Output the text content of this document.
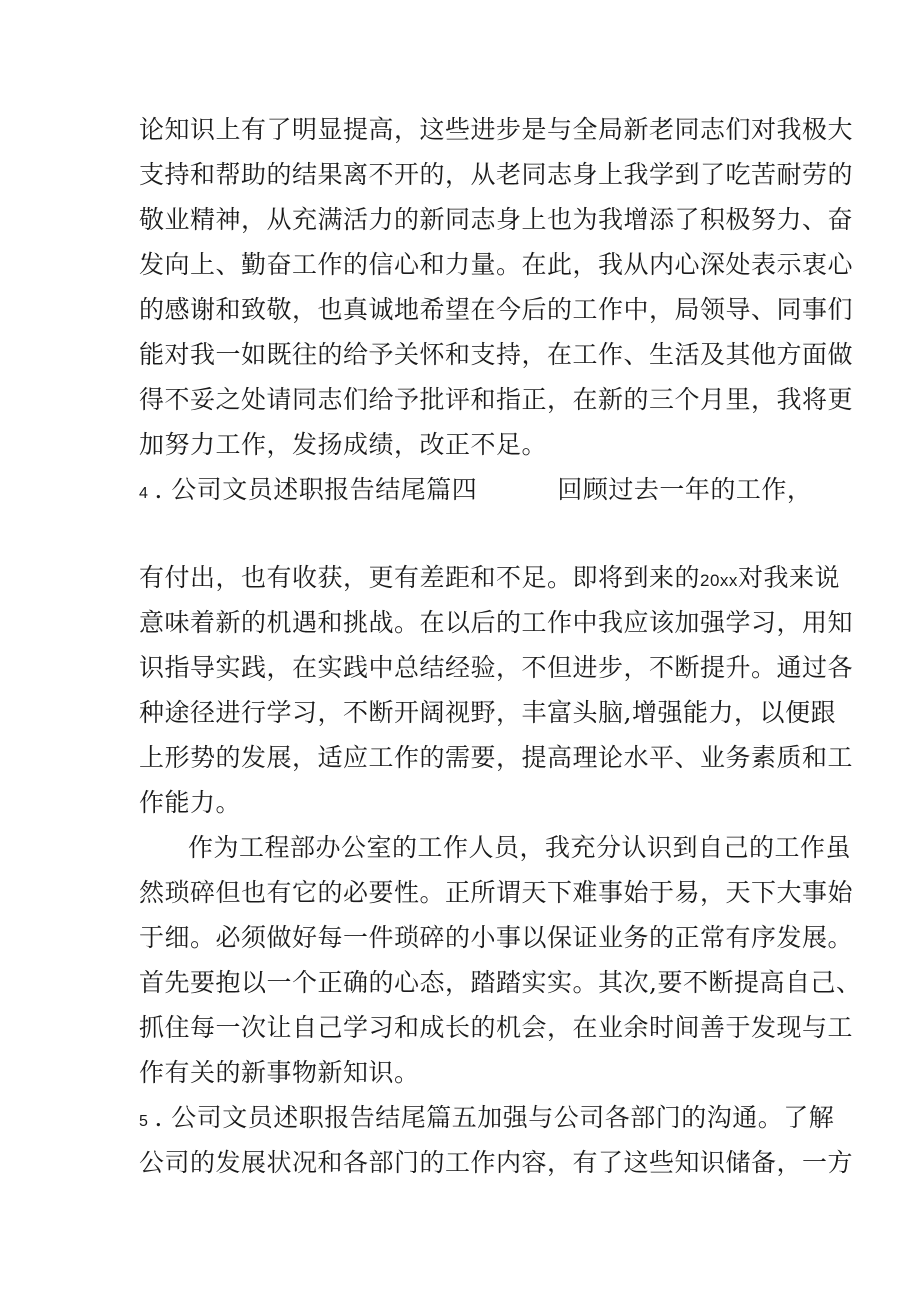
论知识上有了明显提高，这些进步是与全局新老同志们对我极大
支持和帮助的结果离不开的，从老同志身上我学到了吃苦耐劳的
敬业精神，从充满活力的新同志身上也为我增添了积极努力、奋
发向上、勤奋工作的信心和力量。在此，我从内心深处表示衷心
的感谢和致敬，也真诚地希望在今后的工作中，局领导、同事们
能对我一如既往的给予关怀和支持，在工作、生活及其他方面做
得不妥之处请同志们给予批评和指正，在新的三个月里，我将更
加努力工作，发扬成绩，改正不足。
4 . 公司文员述职报告结尾篇四	回顾过去一年的工作，
有付出，也有收获，更有差距和不足。即将到来的20xx对我来说
意味着新的机遇和挑战。在以后的工作中我应该加强学习，用知
识指导实践，在实践中总结经验，不但进步，不断提升。通过各
种途径进行学习，不断开阔视野，丰富头脑,增强能力，以便跟
上形势的发展，适应工作的需要，提高理论水平、业务素质和工
作能力。
作为工程部办公室的工作人员，我充分认识到自己的工作虽
然琐碎但也有它的必要性。正所谓天下难事始于易，天下大事始
于细。必须做好每一件琐碎的小事以保证业务的正常有序发展。
首先要抱以一个正确的心态，踏踏实实。其次,要不断提高自己、
抓住每一次让自己学习和成长的机会，在业余时间善于发现与工
作有关的新事物新知识。
5 . 公司文员述职报告结尾篇五加强与公司各部门的沟通。了解
公司的发展状况和各部门的工作内容，有了这些知识储备，一方
